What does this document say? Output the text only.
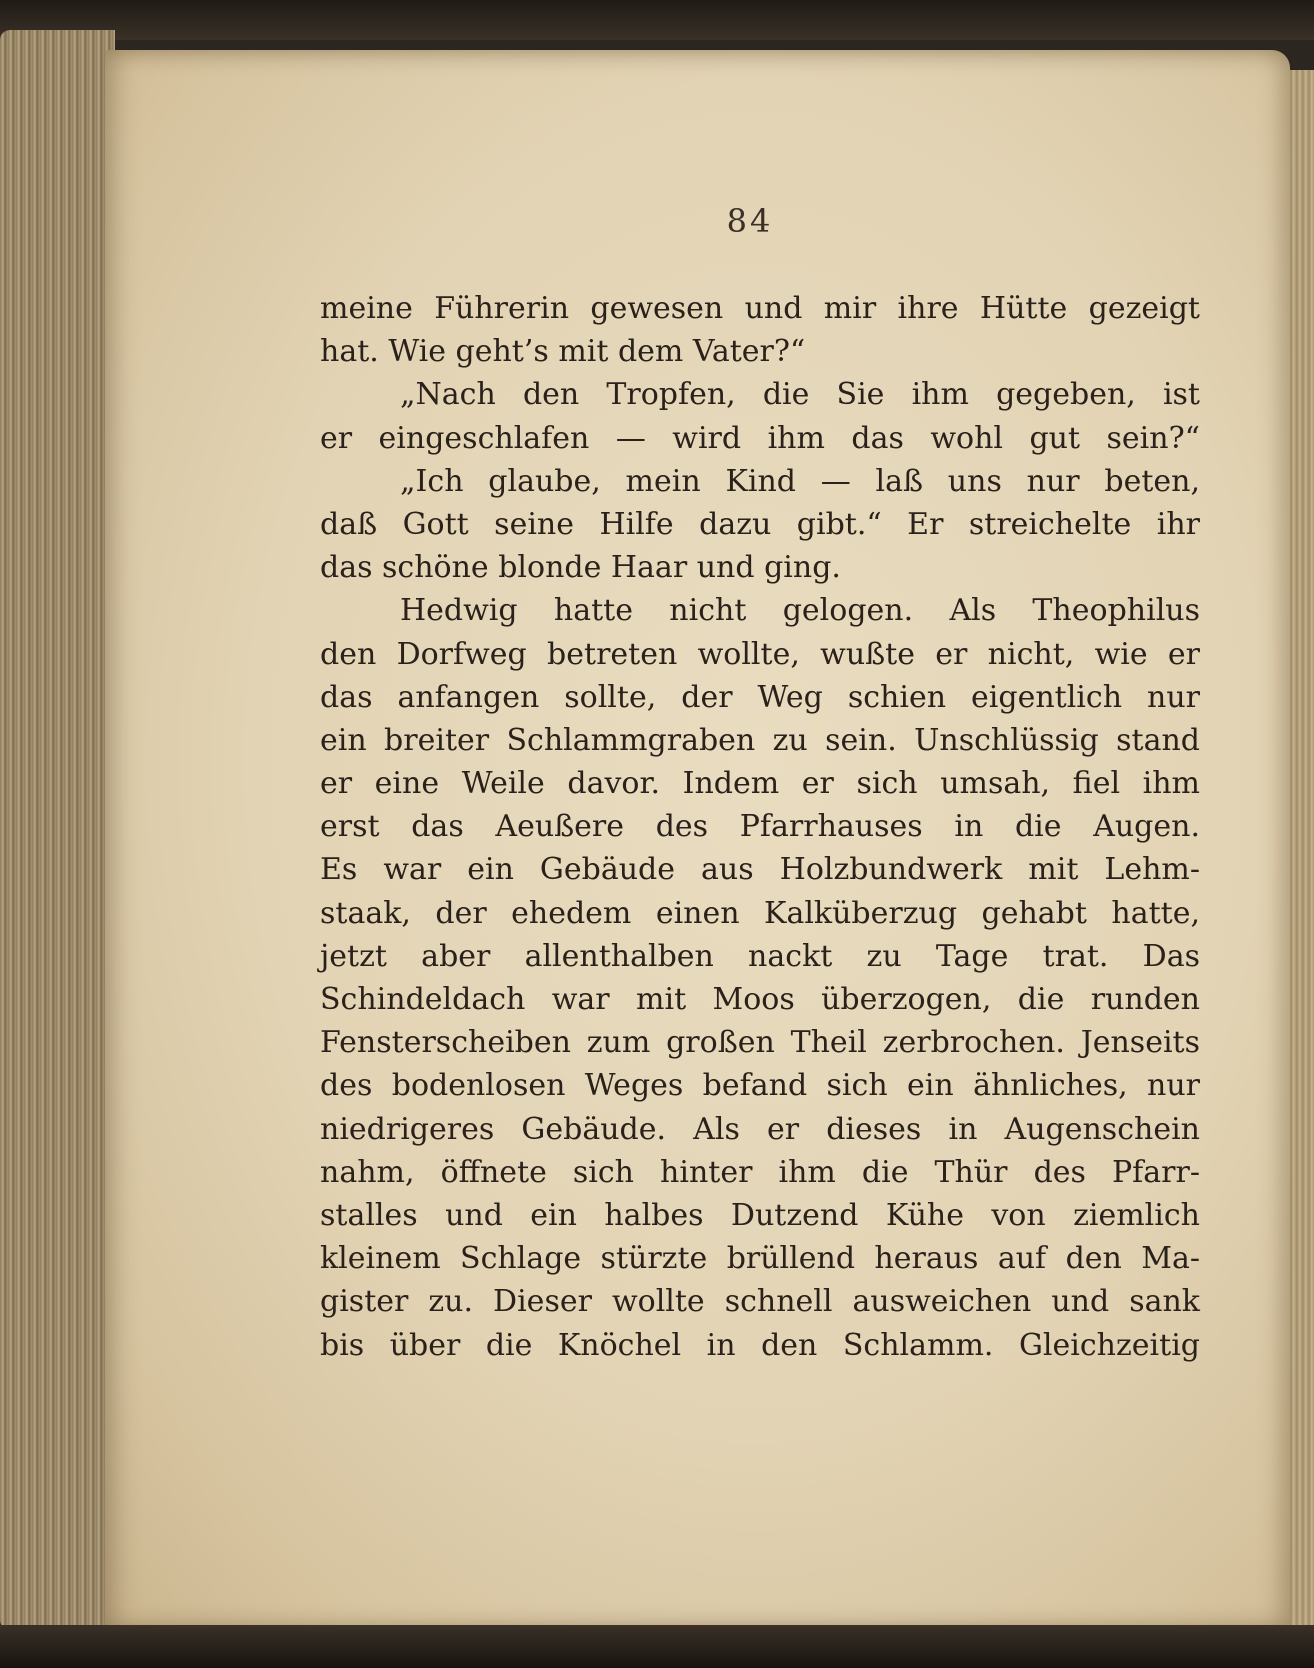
84
meine Führerin gewesen und mir ihre Hütte gezeigt
hat. Wie geht’s mit dem Vater?“
„Nach den Tropfen, die Sie ihm gegeben, ist
er eingeschlafen — wird ihm das wohl gut sein?“
„Ich glaube, mein Kind — laß uns nur beten,
daß Gott seine Hilfe dazu gibt.“ Er streichelte ihr
das schöne blonde Haar und ging.
Hedwig hatte nicht gelogen. Als Theophilus
den Dorfweg betreten wollte, wußte er nicht, wie er
das anfangen sollte, der Weg schien eigentlich nur
ein breiter Schlammgraben zu sein. Unschlüssig stand
er eine Weile davor. Indem er sich umsah, fiel ihm
erst das Aeußere des Pfarrhauses in die Augen.
Es war ein Gebäude aus Holzbundwerk mit Lehm-
staak, der ehedem einen Kalküberzug gehabt hatte,
jetzt aber allenthalben nackt zu Tage trat. Das
Schindeldach war mit Moos überzogen, die runden
Fensterscheiben zum großen Theil zerbrochen. Jenseits
des bodenlosen Weges befand sich ein ähnliches, nur
niedrigeres Gebäude. Als er dieses in Augenschein
nahm, öffnete sich hinter ihm die Thür des Pfarr-
stalles und ein halbes Dutzend Kühe von ziemlich
kleinem Schlage stürzte brüllend heraus auf den Ma-
gister zu. Dieser wollte schnell ausweichen und sank
bis über die Knöchel in den Schlamm. Gleichzeitig
